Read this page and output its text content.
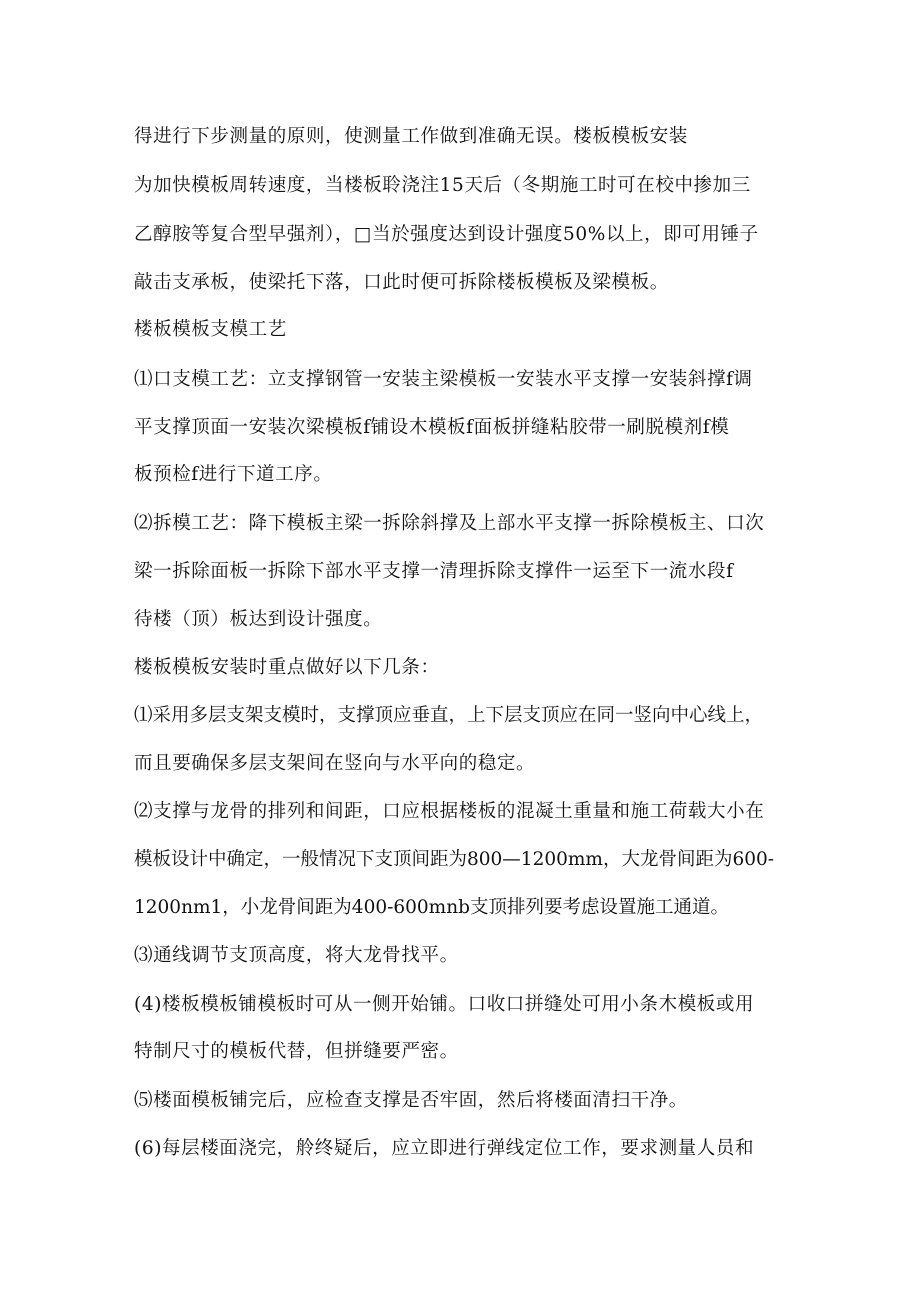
得进行下步测量的原则，使测量工作做到准确无误。楼板模板安装

为加快模板周转速度，当楼板聆浇注15天后（冬期施工时可在校中掺加三

乙醇胺等复合型早强剂），□当於强度达到设计强度50%以上，即可用锤子

敲击支承板，使梁托下落，口此时便可拆除楼板模板及梁模板。

楼板模板支模工艺

⑴口支模工艺：立支撑钢管一安装主梁模板一安装水平支撑一安装斜撑f调

平支撑顶面一安装次梁模板f铺设木模板f面板拼缝粘胶带一刷脱模剂f模

板预检f进行下道工序。

⑵拆模工艺：降下模板主梁一拆除斜撑及上部水平支撑一拆除模板主、口次

梁一拆除面板一拆除下部水平支撑一清理拆除支撑件一运至下一流水段f

待楼（顶）板达到设计强度。

楼板模板安装时重点做好以下几条：

⑴采用多层支架支模时，支撑顶应垂直，上下层支顶应在同一竖向中心线上，

而且要确保多层支架间在竖向与水平向的稳定。

⑵支撑与龙骨的排列和间距，口应根据楼板的混凝土重量和施工荷载大小在

模板设计中确定，一般情况下支顶间距为800—1200mm，大龙骨间距为600-

1200nm1，小龙骨间距为400-600mnb支顶排列要考虑设置施工通道。

⑶通线调节支顶高度，将大龙骨找平。

(4)楼板模板铺模板时可从一侧开始铺。口收口拼缝处可用小条木模板或用

特制尺寸的模板代替，但拼缝要严密。

⑸楼面模板铺完后，应检查支撑是否牢固，然后将楼面清扫干净。

(6)每层楼面浇完，舲终疑后，应立即进行弹线定位工作，要求测量人员和
